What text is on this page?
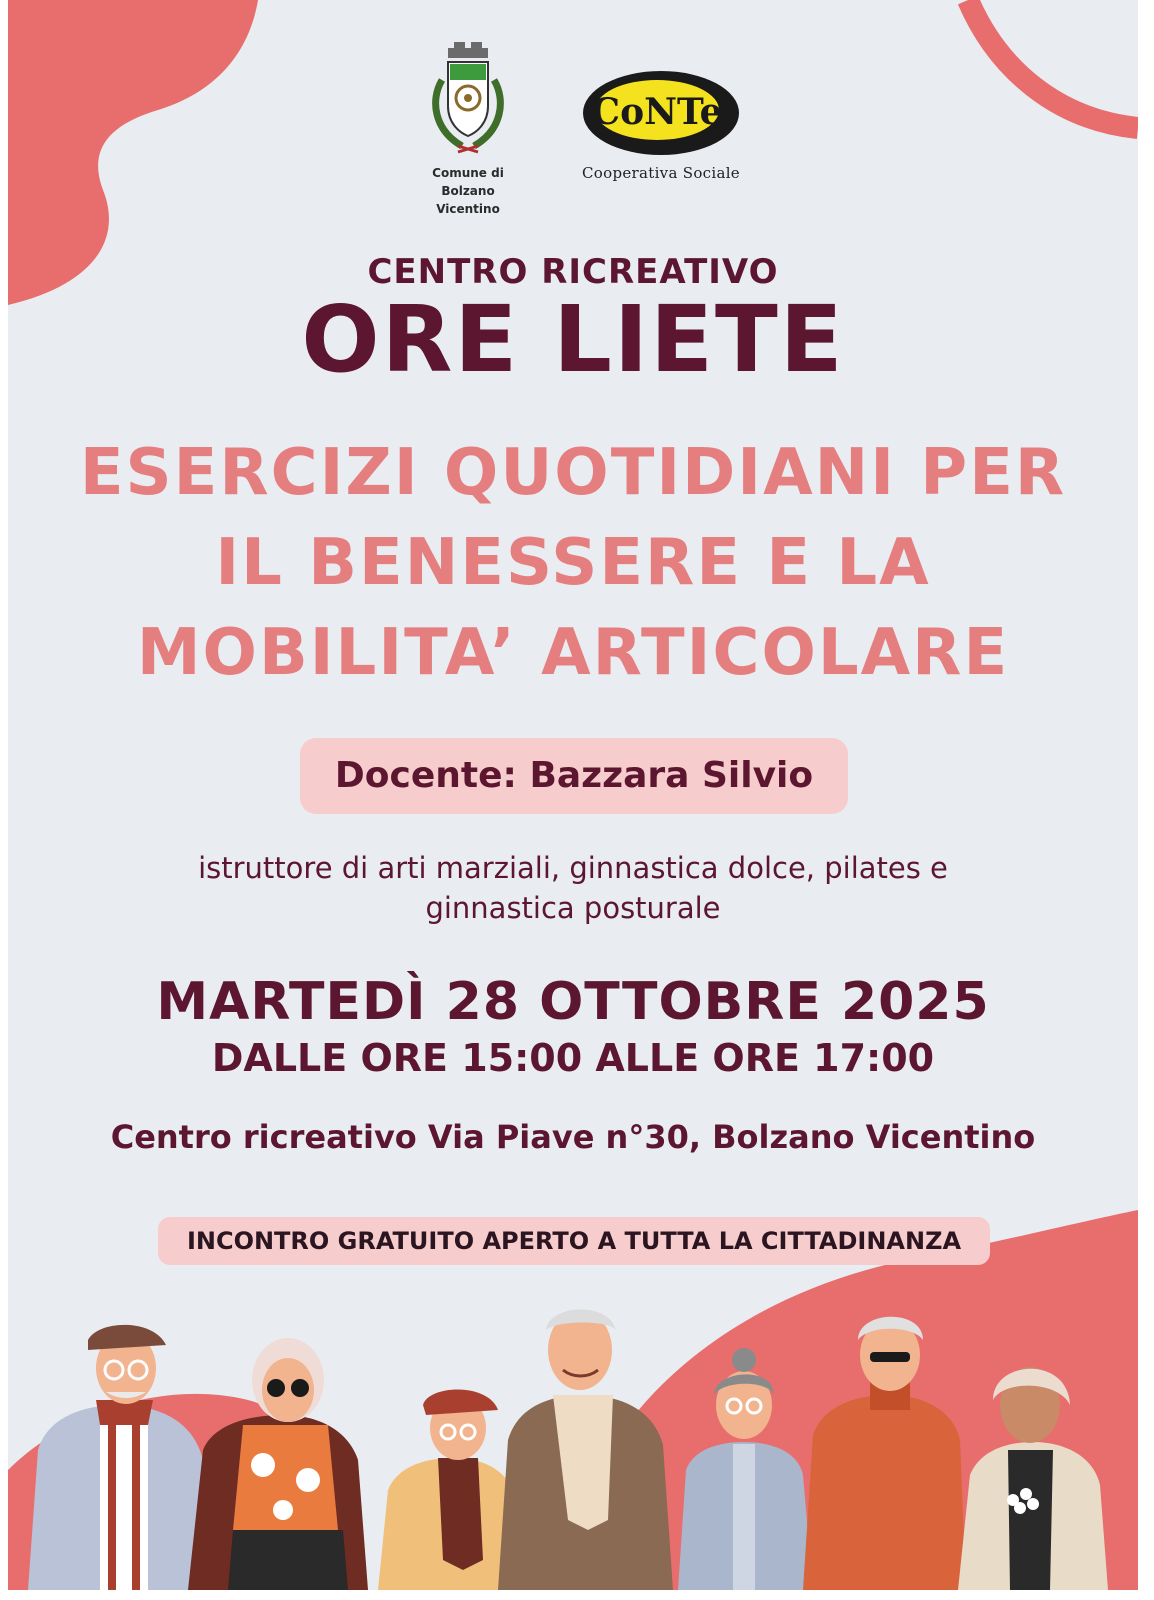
Comune di
Bolzano Vicentino
CoNTe
Cooperativa Sociale
CENTRO RICREATIVO
ORE LIETE
ESERCIZI QUOTIDIANI PER
IL BENESSERE E LA
MOBILITA’ ARTICOLARE
Docente: Bazzara Silvio
istruttore di arti marziali, ginnastica dolce, pilates e
ginnastica posturale
MARTEDÌ 28 OTTOBRE 2025
DALLE ORE 15:00 ALLE ORE 17:00
Centro ricreativo Via Piave n°30, Bolzano Vicentino
INCONTRO GRATUITO APERTO A TUTTA LA CITTADINANZA
